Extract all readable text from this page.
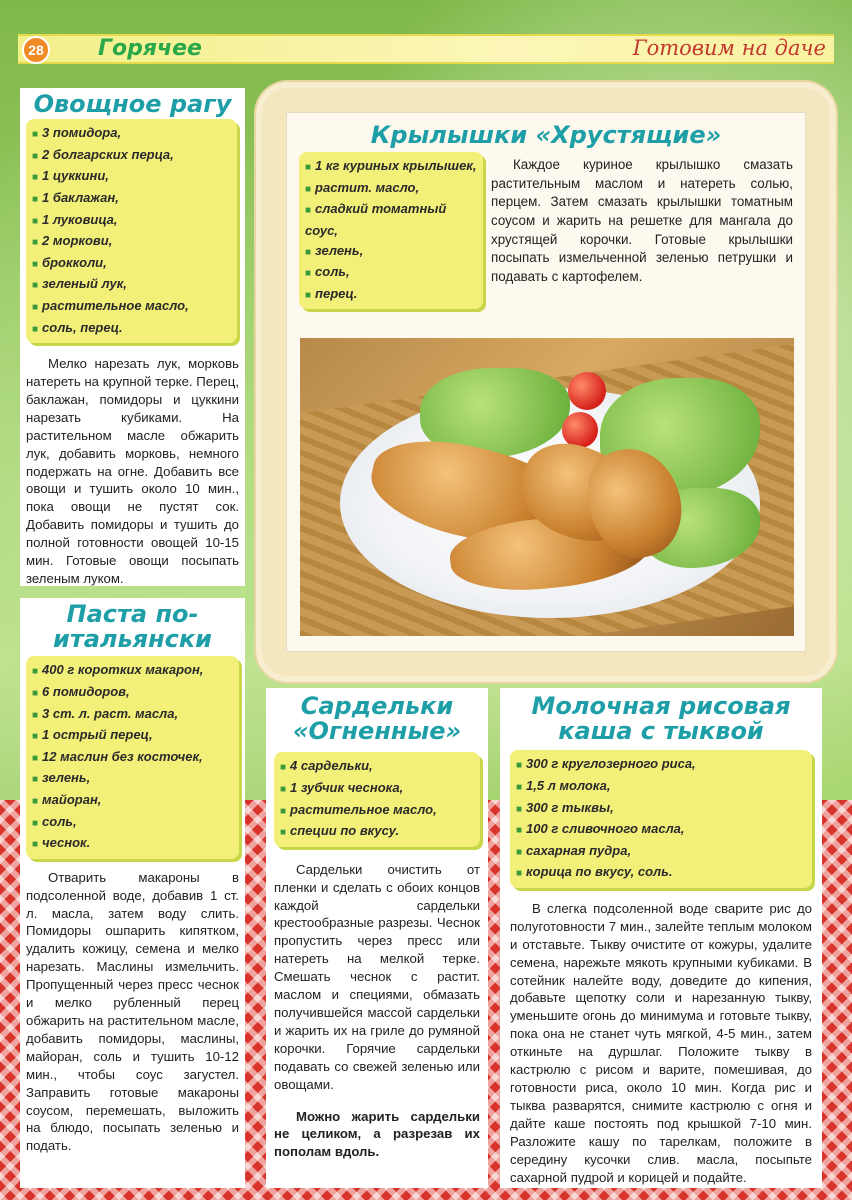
28 Горячее	Готовим на даче
Овощное рагу
■ 3 помидора,
■ 2 болгарских перца,
■ 1 цуккини,
■ 1 баклажан,
■ 1 луковица,
■ 2 моркови,
■ брокколи,
■ зеленый лук,
■ растительное масло,
■ соль, перец.

Мелко нарезать лук, морковь натереть на крупной терке. Перец, баклажан, помидоры и цуккини нарезать кубиками. На растительном масле обжарить лук, добавить морковь, немного подержать на огне. Добавить все овощи и тушить около 10 мин., пока овощи не пустят сок. Добавить помидоры и тушить до полной готовности овощей 10-15 мин. Готовые овощи посыпать зеленым луком.

Паста по-итальянски
■ 400 г коротких макарон,
■ 6 помидоров,
■ 3 ст. л. раст. масла,
■ 1 острый перец,
■ 12 маслин без косточек,
■ зелень,
■ майоран,
■ соль,
■ чеснок.

Отварить макароны в подсоленной воде, добавив 1 ст. л. масла, затем воду слить. Помидоры ошпарить кипятком, удалить кожицу, семена и мелко нарезать. Маслины измельчить. Пропущенный через пресс чеснок и мелко рубленный перец обжарить на растительном масле, добавить помидоры, маслины, майоран, соль и тушить 10-12 мин., чтобы соус загустел. Заправить готовые макароны соусом, перемешать, выложить на блюдо, посыпать зеленью и подать.

Крылышки «Хрустящие»
■ 1 кг куриных крылышек,
■ растит. масло,
■ сладкий томатный соус,
■ зелень,
■ соль,
■ перец.

Каждое куриное крылышко смазать растительным маслом и натереть солью, перцем. Затем смазать крылышки томатным соусом и жарить на решетке для мангала до хрустящей корочки. Готовые крылышки посыпать измельченной зеленью петрушки и подавать с картофелем.

Сардельки «Огненные»
■ 4 сардельки,
■ 1 зубчик чеснока,
■ растительное масло,
■ специи по вкусу.

Сардельки очистить от пленки и сделать с обоих концов каждой сардельки крестообразные разрезы. Чеснок пропустить через пресс или натереть на мелкой терке. Смешать чеснок с растит. маслом и специями, обмазать получившейся массой сардельки и жарить их на гриле до румяной корочки. Горячие сардельки подавать со свежей зеленью или овощами.

Можно жарить сардельки не целиком, а разрезав их пополам вдоль.

Молочная рисовая каша с тыквой
■ 300 г круглозерного риса,
■ 1,5 л молока,
■ 300 г тыквы,
■ 100 г сливочного масла,
■ сахарная пудра,
■ корица по вкусу, соль.

В слегка подсоленной воде сварите рис до полуготовности 7 мин., залейте теплым молоком и отставьте. Тыкву очистите от кожуры, удалите семена, нарежьте мякоть крупными кубиками. В сотейник налейте воду, доведите до кипения, добавьте щепотку соли и нарезанную тыкву, уменьшите огонь до минимума и готовьте тыкву, пока она не станет чуть мягкой, 4-5 мин., затем откиньте на дуршлаг. Положите тыкву в кастрюлю с рисом и варите, помешивая, до готовности риса, около 10 мин. Когда рис и тыква разварятся, снимите кастрюлю с огня и дайте каше постоять под крышкой 7-10 мин. Разложите кашу по тарелкам, положите в середину кусочки слив. масла, посыпьте сахарной пудрой и корицей и подайте.
